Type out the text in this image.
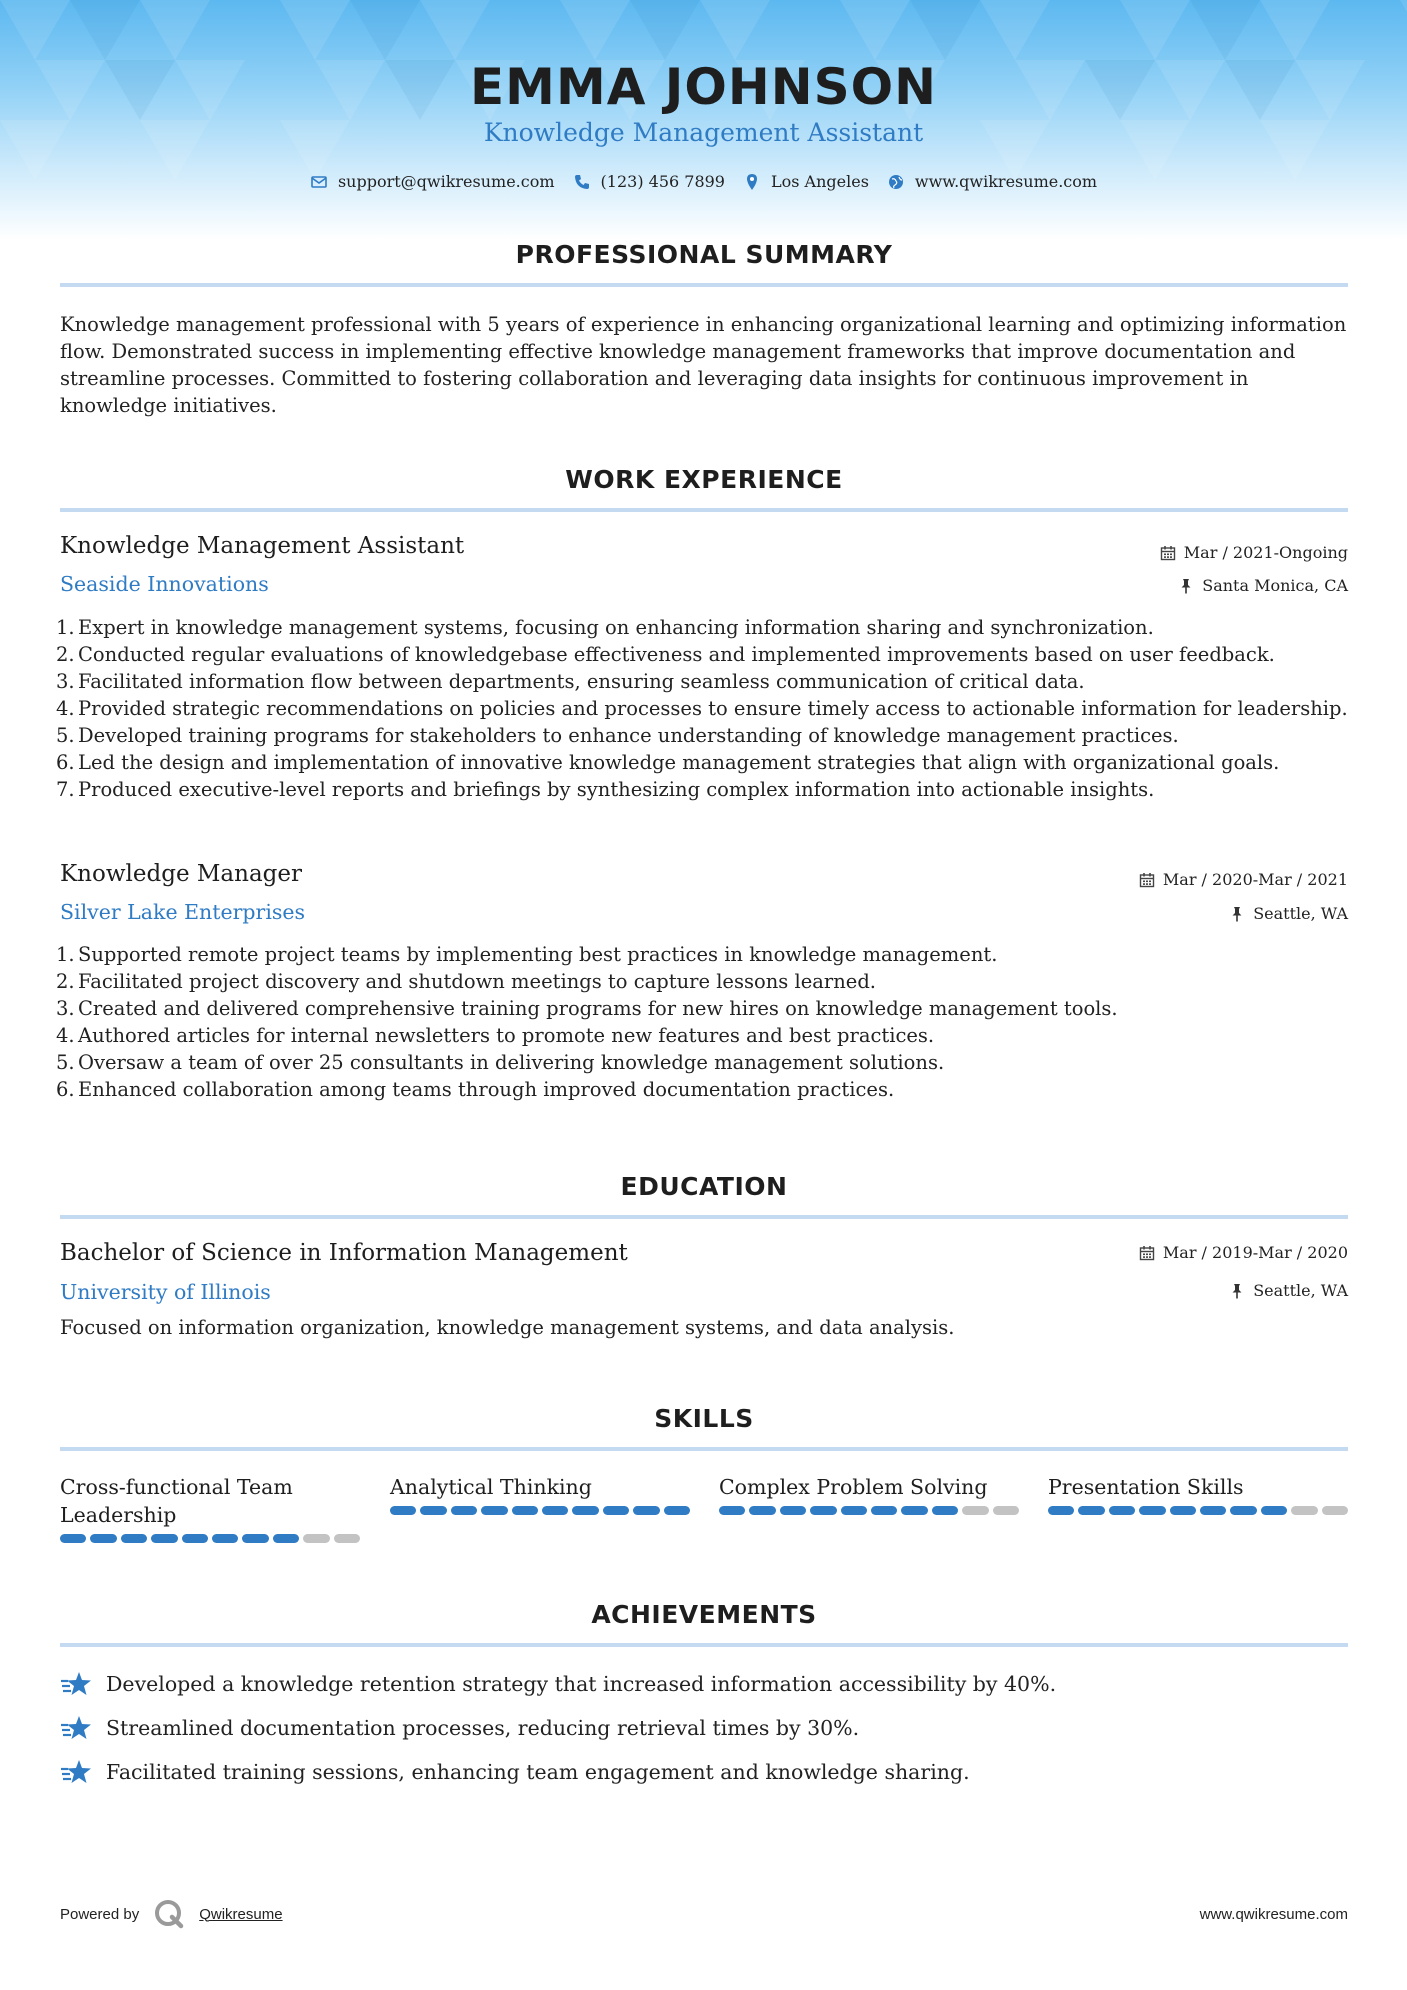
EMMA JOHNSON
Knowledge Management Assistant
support@qwikresume.com	(123) 456 7899	Los Angeles	www.qwikresume.com
PROFESSIONAL SUMMARY
Knowledge management professional with 5 years of experience in enhancing organizational learning and optimizing information flow. Demonstrated success in implementing effective knowledge management frameworks that improve documentation and streamline processes. Committed to fostering collaboration and leveraging data insights for continuous improvement in knowledge initiatives.
WORK EXPERIENCE
Knowledge Management Assistant
Seaside Innovations
Mar / 2021-Ongoing
Santa Monica, CA
1. Expert in knowledge management systems, focusing on enhancing information sharing and synchronization.
2. Conducted regular evaluations of knowledgebase effectiveness and implemented improvements based on user feedback.
3. Facilitated information flow between departments, ensuring seamless communication of critical data.
4. Provided strategic recommendations on policies and processes to ensure timely access to actionable information for leadership.
5. Developed training programs for stakeholders to enhance understanding of knowledge management practices.
6. Led the design and implementation of innovative knowledge management strategies that align with organizational goals.
7. Produced executive-level reports and briefings by synthesizing complex information into actionable insights.
Knowledge Manager
Silver Lake Enterprises
Mar / 2020-Mar / 2021
Seattle, WA
1. Supported remote project teams by implementing best practices in knowledge management.
2. Facilitated project discovery and shutdown meetings to capture lessons learned.
3. Created and delivered comprehensive training programs for new hires on knowledge management tools.
4. Authored articles for internal newsletters to promote new features and best practices.
5. Oversaw a team of over 25 consultants in delivering knowledge management solutions.
6. Enhanced collaboration among teams through improved documentation practices.
EDUCATION
Bachelor of Science in Information Management
University of Illinois
Mar / 2019-Mar / 2020
Seattle, WA
Focused on information organization, knowledge management systems, and data analysis.
SKILLS
Cross-functional Team Leadership
Analytical Thinking	Complex Problem Solving	Presentation Skills
ACHIEVEMENTS
Developed a knowledge retention strategy that increased information accessibility by 40%.
Streamlined documentation processes, reducing retrieval times by 30%.
Facilitated training sessions, enhancing team engagement and knowledge sharing.
Powered by	Qwikresume	www.qwikresume.com
